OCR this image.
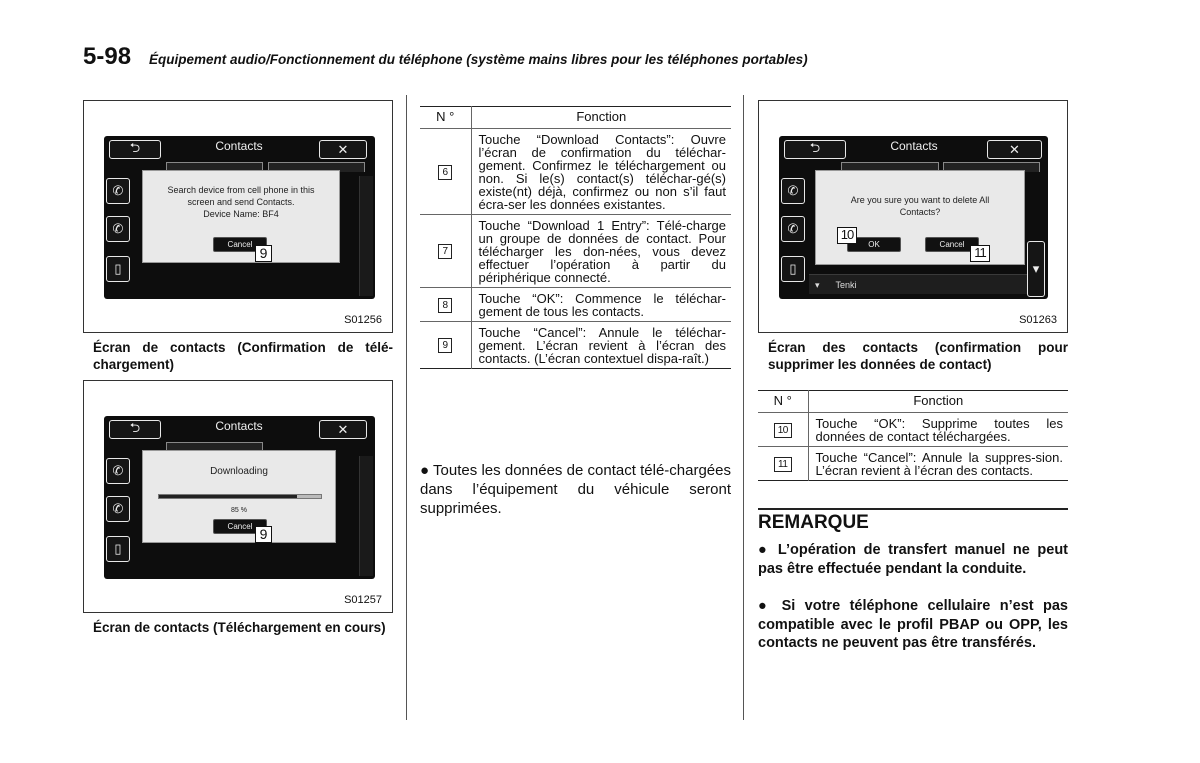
5-98 Équipement audio/Fonctionnement du téléphone (système mains libres pour les téléphones portables)
⮌	Contacts	✕
✆
✆
▯
Search device from cell phone in this
screen and send Contacts.
Device Name: BF4
Cancel
9
S01256
Écran de contacts (Confirmation de télé-chargement)
⮌	Contacts	✕
✆
✆
▯
Downloading
85 %
Cancel 9
S01257
Écran de contacts (Téléchargement en cours)
N °	Fonction
6	Touche “Download Contacts”: Ouvre l’écran de confirmation du téléchar-gement. Confirmez le téléchargement ou non. Si le(s) contact(s) téléchar-gé(s) existe(nt) déjà, confirmez ou non s’il faut écra-ser les données existantes.
7	Touche “Download 1 Entry”: Télé-charge un groupe de données de contact. Pour télécharger les don-nées, vous devez effectuer l’opération à partir du périphérique connecté.
8	Touche “OK”: Commence le téléchar-gement de tous les contacts.
9	Touche “Cancel”: Annule le téléchar-gement. L’écran revient à l’écran des contacts. (L’écran contextuel dispa-raît.)
● Toutes les données de contact télé-chargées dans l’équipement du véhicule seront supprimées.
⮌	Contacts	✕
✆
✆
▯
▾ Tenki
▾
Are you sure you want to delete All
Contacts?
OK	Cancel
10
11
S01263
Écran des contacts (confirmation pour supprimer les données de contact)
N °	Fonction
10	Touche “OK”: Supprime toutes les données de contact téléchargées.
11	Touche “Cancel”: Annule la suppres-sion. L’écran revient à l’écran des contacts.
REMARQUE
● L’opération de transfert manuel ne peut pas être effectuée pendant la conduite.
● Si votre téléphone cellulaire n’est pas compatible avec le profil PBAP ou OPP, les contacts ne peuvent pas être transférés.
